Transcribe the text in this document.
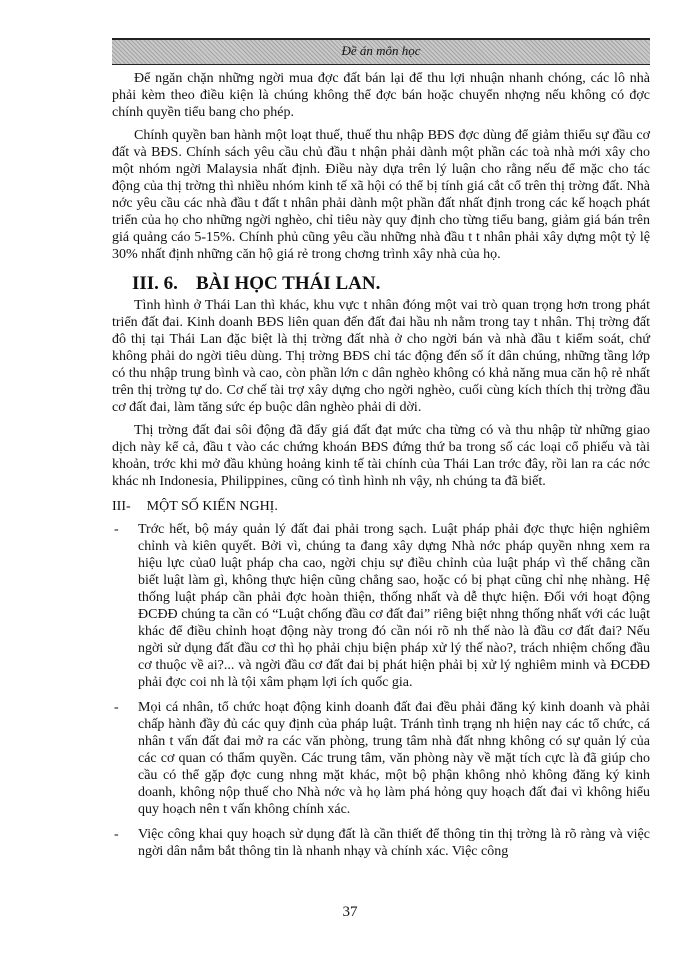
Đề án môn học

Để ngăn chặn những ngời mua đợc đất bán lại để thu lợi nhuận nhanh chóng, các lô nhà phải kèm theo điều kiện là chúng không thể đợc bán hoặc chuyển nhợng nếu không có đợc chính quyền tiểu bang cho phép.

Chính quyền ban hành một loạt thuế, thuế thu nhập BĐS đợc dùng để giảm thiểu sự đầu cơ đất và BĐS. Chính sách yêu cầu chủ đầu t nhận phải dành một phần các toà nhà mới xây cho một nhóm ngời Malaysia nhất định. Điều này dựa trên lý luận cho rằng nếu để mặc cho tác động của thị trờng thì nhiều nhóm kinh tế xã hội có thể bị tính giá cắt cổ trên thị trờng đất. Nhà nớc yêu cầu các nhà đầu t đất t nhân phải dành một phần đất nhất định trong các kế hoạch phát triển của họ cho những ngời nghèo, chỉ tiêu này quy định cho từng tiểu bang, giảm giá bán trên giá quảng cáo 5-15%. Chính phủ cũng yêu cầu những nhà đầu t t nhân phải xây dựng một tỷ lệ 30% nhất định những căn hộ giá rẻ trong chơng trình xây nhà của họ.

III. 6. BÀI HỌC THÁI LAN.

Tình hình ở Thái Lan thì khác, khu vực t nhân đóng một vai trò quan trọng hơn trong phát triển đất đai. Kinh doanh BĐS liên quan đến đất đai hầu nh nằm trong tay t nhân. Thị trờng đất đô thị tại Thái Lan đặc biệt là thị trờng đất nhà ở cho ngời bán và nhà đầu t kiểm soát, chứ không phải do ngời tiêu dùng. Thị trờng BĐS chỉ tác động đến số ít dân chúng, những tầng lớp có thu nhập trung bình và cao, còn phần lớn c dân nghèo không có khả năng mua căn hộ rẻ nhất trên thị trờng tự do. Cơ chế tài trợ xây dựng cho ngời nghèo, cuối cùng kích thích thị trờng đầu cơ đất đai, làm tăng sức ép buộc dân nghèo phải di dời.

Thị trờng đất đai sôi động đã đẩy giá đất đạt mức cha từng có và thu nhập từ những giao dịch này kể cả, đầu t vào các chứng khoán BĐS đứng thứ ba trong số các loại cổ phiếu và tài khoản, trớc khi mở đầu khủng hoảng kinh tế tài chính của Thái Lan trớc đây, rồi lan ra các nớc khác nh Indonesia, Philippines, cũng có tình hình nh vậy, nh chúng ta đã biết.

III- MỘT SỐ KIẾN NGHỊ.
- Trớc hết, bộ máy quản lý đất đai phải trong sạch. Luật pháp phải đợc thực hiện nghiêm chỉnh và kiên quyết. Bởi vì, chúng ta đang xây dựng Nhà nớc pháp quyền nhng xem ra hiệu lực của0 luật pháp cha cao, ngời chịu sự điều chỉnh của luật pháp vì thế chẳng cần biết luật làm gì, không thực hiện cũng chẳng sao, hoặc có bị phạt cũng chỉ nhẹ nhàng. Hệ thống luật pháp cần phải đợc hoàn thiện, thống nhất và dễ thực hiện. Đối với hoạt động ĐCĐĐ chúng ta cần có “Luật chống đầu cơ đất đai” riêng biệt nhng thống nhất với các luật khác để điều chỉnh hoạt động này trong đó cần nói rõ nh thế nào là đầu cơ đất đai? Nếu ngời sử dụng đất đầu cơ thì họ phải chịu biện pháp xử lý thế nào?, trách nhiệm chống đầu cơ thuộc về ai?... và ngời đầu cơ đất đai bị phát hiện phải bị xử lý nghiêm minh và ĐCĐĐ phải đợc coi nh là tội xâm phạm lợi ích quốc gia.
- Mọi cá nhân, tổ chức hoạt động kinh doanh đất đai đều phải đăng ký kinh doanh và phải chấp hành đầy đủ các quy định của pháp luật. Tránh tình trạng nh hiện nay các tổ chức, cá nhân t vấn đất đai mở ra các văn phòng, trung tâm nhà đất nhng không có sự quản lý của các cơ quan có thẩm quyền. Các trung tâm, văn phòng này về mặt tích cực là đã giúp cho cầu có thể gặp đợc cung nhng mặt khác, một bộ phận không nhỏ không đăng ký kinh doanh, không nộp thuế cho Nhà nớc và họ làm phá hỏng quy hoạch đất đai vì không hiểu quy hoạch nên t vấn không chính xác.
- Việc công khai quy hoạch sử dụng đất là cần thiết để thông tin thị trờng là rõ ràng và việc ngời dân nắm bắt thông tin là nhanh nhạy và chính xác. Việc công
37
